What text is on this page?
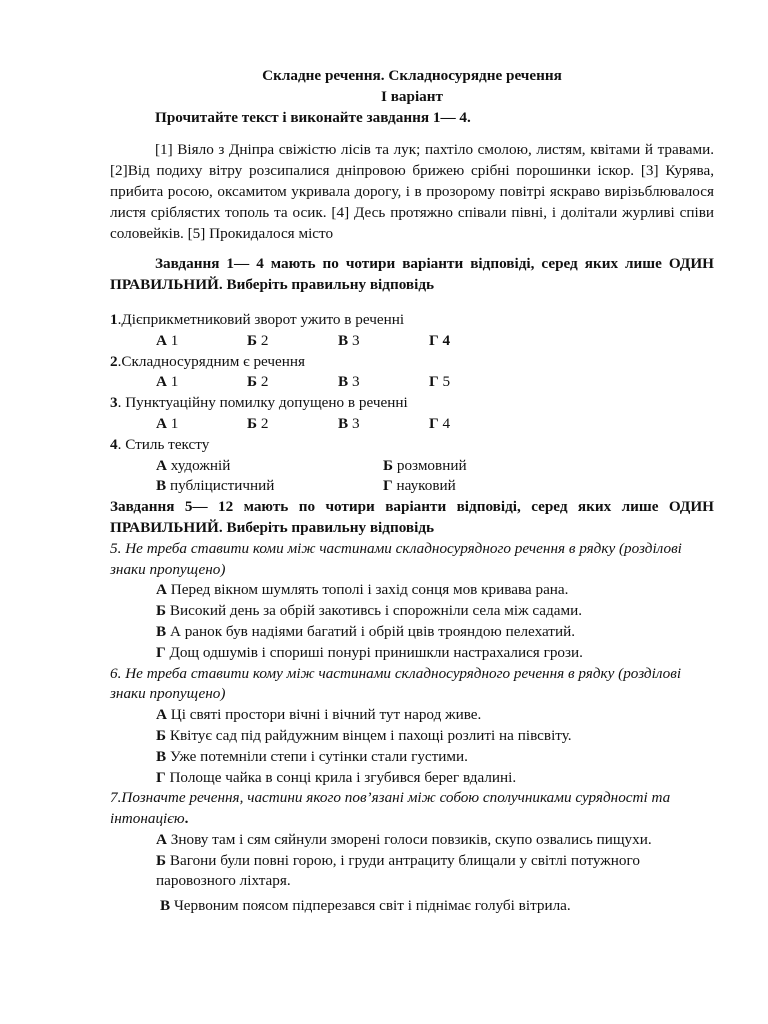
Складне речення. Складносурядне речення
І варіант
Прочитайте текст і виконайте завдання 1— 4.
[1] Віяло з Дніпра свіжістю лісів та лук; пахтіло смолою, листям, квітами й травами. [2]Від подиху вітру розсипалися дніпровою брижею срібні порошинки іскор. [3] Курява, прибита росою, оксамитом укривала дорогу, і в прозорому повітрі яскраво вирізьблювалося листя сріблястих тополь та осик. [4] Десь протяжно співали півні, і долітали журливі співи соловейків. [5] Прокидалося місто
Завдання 1— 4 мають по чотири варіанти відповіді, серед яких лише ОДИН ПРАВИЛЬНИЙ. Виберіть правильну відповідь
1.Дієприкметниковий зворот ужито в реченні
А 1	Б 2	В 3	Г 4
2.Складносурядним є речення
А 1	Б 2	В 3	Г 5
3. Пунктуаційну помилку допущено в реченні
А 1	Б 2	В 3	Г 4
4. Стиль тексту
А художній	Б розмовний
В публіцистичний	Г науковий
Завдання 5— 12 мають по чотири варіанти відповіді, серед яких лише ОДИН ПРАВИЛЬНИЙ. Виберіть правильну відповідь
5. Не треба ставити коми між частинами складносурядного речення в рядку (розділові знаки пропущено)
А Перед вікном шумлять тополі і захід сонця мов кривава рана.
Б Високий день за обрій закотивсь і спорожніли села між садами.
В А ранок був надіями багатий і обрій цвів трояндою пелехатий.
Г Дощ одшумів і спориші понурі принишкли настрахалися грози.
6. Не треба ставити кому між частинами складносурядного речення в рядку (розділові знаки пропущено)
А Ці святі простори вічні і вічний тут народ живе.
Б Квітує сад під райдужним вінцем і пахощі розлиті на півсвіту.
В Уже потемніли степи і сутінки стали густими.
Г Полоще чайка в сонці крила і згубився берег вдалині.
7.Позначте речення, частини якого пов’язані між собою сполучниками сурядності та інтонацією.
А Знову там і сям сяйнули зморені голоси повзиків, скупо озвались пищухи.
Б Вагони були повні горою, і груди антрациту блищали у світлі потужного паровозного ліхтаря.
В Червоним поясом підперезався світ і піднімає голубі вітрила.
